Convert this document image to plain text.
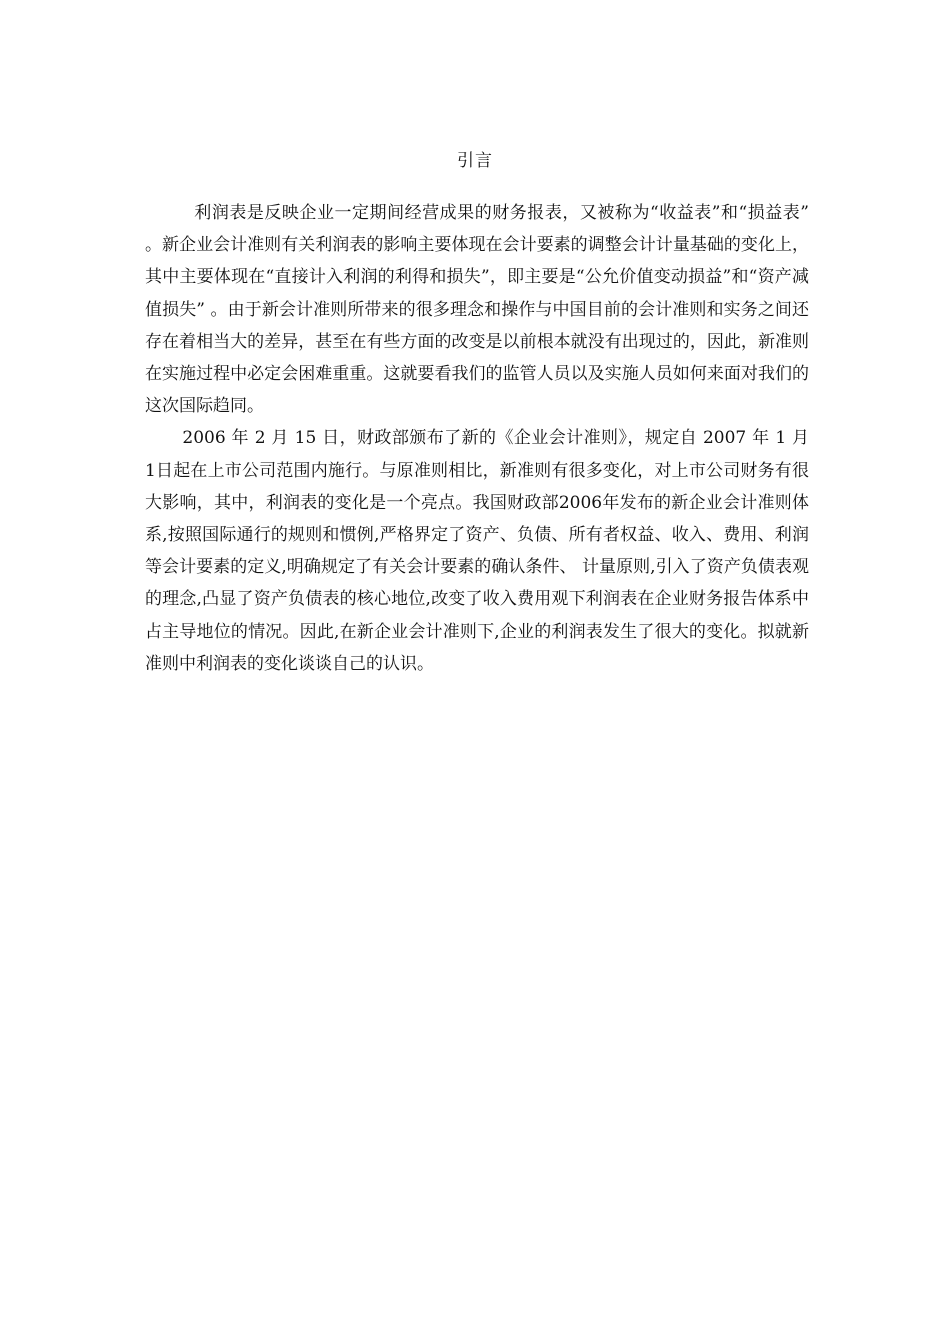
引言

利润表是反映企业一定期间经营成果的财务报表，又被称为“收益表”和“损益表” 。新企业会计准则有关利润表的影响主要体现在会计要素的调整会计计量基础的变化上，其中主要体现在“直接计入利润的利得和损失”，即主要是“公允价值变动损益”和“资产减值损失” 。由于新会计准则所带来的很多理念和操作与中国目前的会计准则和实务之间还存在着相当大的差异，甚至在有些方面的改变是以前根本就没有出现过的，因此，新准则在实施过程中必定会困难重重。这就要看我们的监管人员以及实施人员如何来面对我们的这次国际趋同。

2006 年 2 月 15 日，财政部颁布了新的《企业会计准则》，规定自 2007 年 1 月 1日起在上市公司范围内施行。与原准则相比，新准则有很多变化，对上市公司财务有很大影响，其中，利润表的变化是一个亮点。我国财政部2006年发布的新企业会计准则体系,按照国际通行的规则和惯例,严格界定了资产、负债、所有者权益、收入、费用、利润等会计要素的定义,明确规定了有关会计要素的确认条件、 计量原则,引入了资产负债表观的理念,凸显了资产负债表的核心地位,改变了收入费用观下利润表在企业财务报告体系中占主导地位的情况。因此,在新企业会计准则下,企业的利润表发生了很大的变化。拟就新准则中利润表的变化谈谈自己的认识。
